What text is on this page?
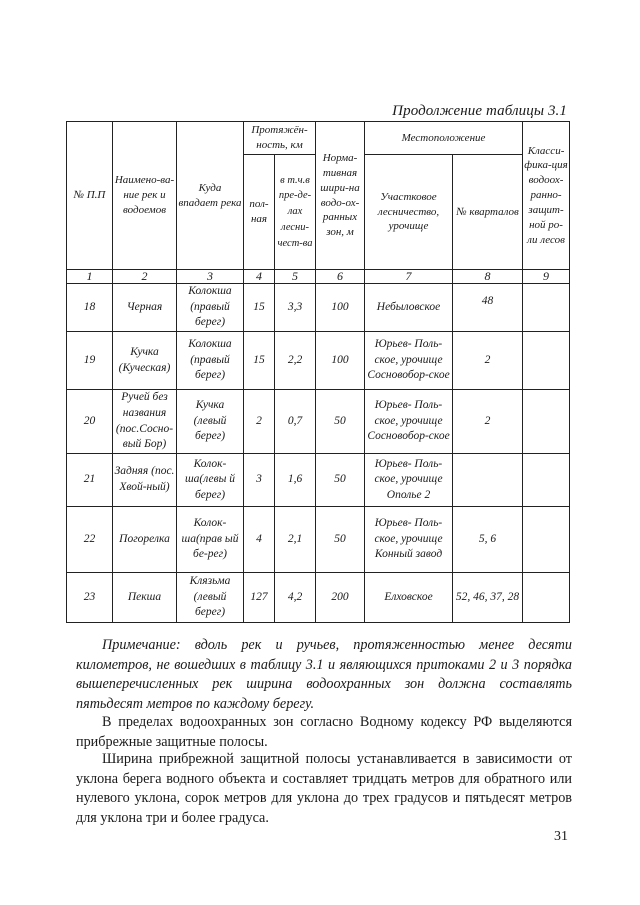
Продолжение таблицы 3.1
№ П.П	Наимено-ва-ние рек и водоемов	Куда впадает река	Протяжён-ность, км		Норма-тивная шири-на водо-ох-ранных зон, м	Местоположение		Класси-фика-ция водоох-ранно-защит-ной ро-ли лесов
			пол-ная	в т.ч.в пре-де-лах лесни-чест-ва		Участковое лесничество, урочище	№ кварталов	
1	2	3	4	5	6	7	8	9
18	Черная	Колокша (правый берег)	15	3,3	100	Небыловское	48	
19	Кучка (Куческая)	Колокша (правый берег)	15	2,2	100	Юрьев- Поль-ское, урочище Сосновобор-ское	2	
20	Ручей без названия (пос.Сосно-вый Бор)	Кучка (левый берег)	2	0,7	50	Юрьев- Поль-ское, урочище Сосновобор-ское	2	
21	Задняя (пос. Хвой-ный)	Колок-ша(левы й берег)	3	1,6	50	Юрьев- Поль-ское, урочище Ополье 2		
22	Погорелка	Колок-ша(прав ый бе-рег)	4	2,1	50	Юрьев- Поль-ское, урочище Конный завод	5, 6	
23	Пекша	Клязьма (левый берег)	127	4,2	200	Елховское	52, 46, 37, 28	

Примечание: вдоль рек и ручьев, протяженностью менее десяти километров, не вошедших в таблицу 3.1 и являющихся притоками 2 и 3 порядка вышеперечисленных рек ширина водоохранных зон должна составлять пятьдесят метров по каждому берегу.

В пределах водоохранных зон согласно Водному кодексу РФ выделяются прибрежные защитные полосы.

Ширина прибрежной защитной полосы устанавливается в зависимости от уклона берега водного объекта и составляет тридцать метров для обратного или нулевого уклона, сорок метров для уклона до трех градусов и пятьдесят метров для уклона три и более градуса.

31
